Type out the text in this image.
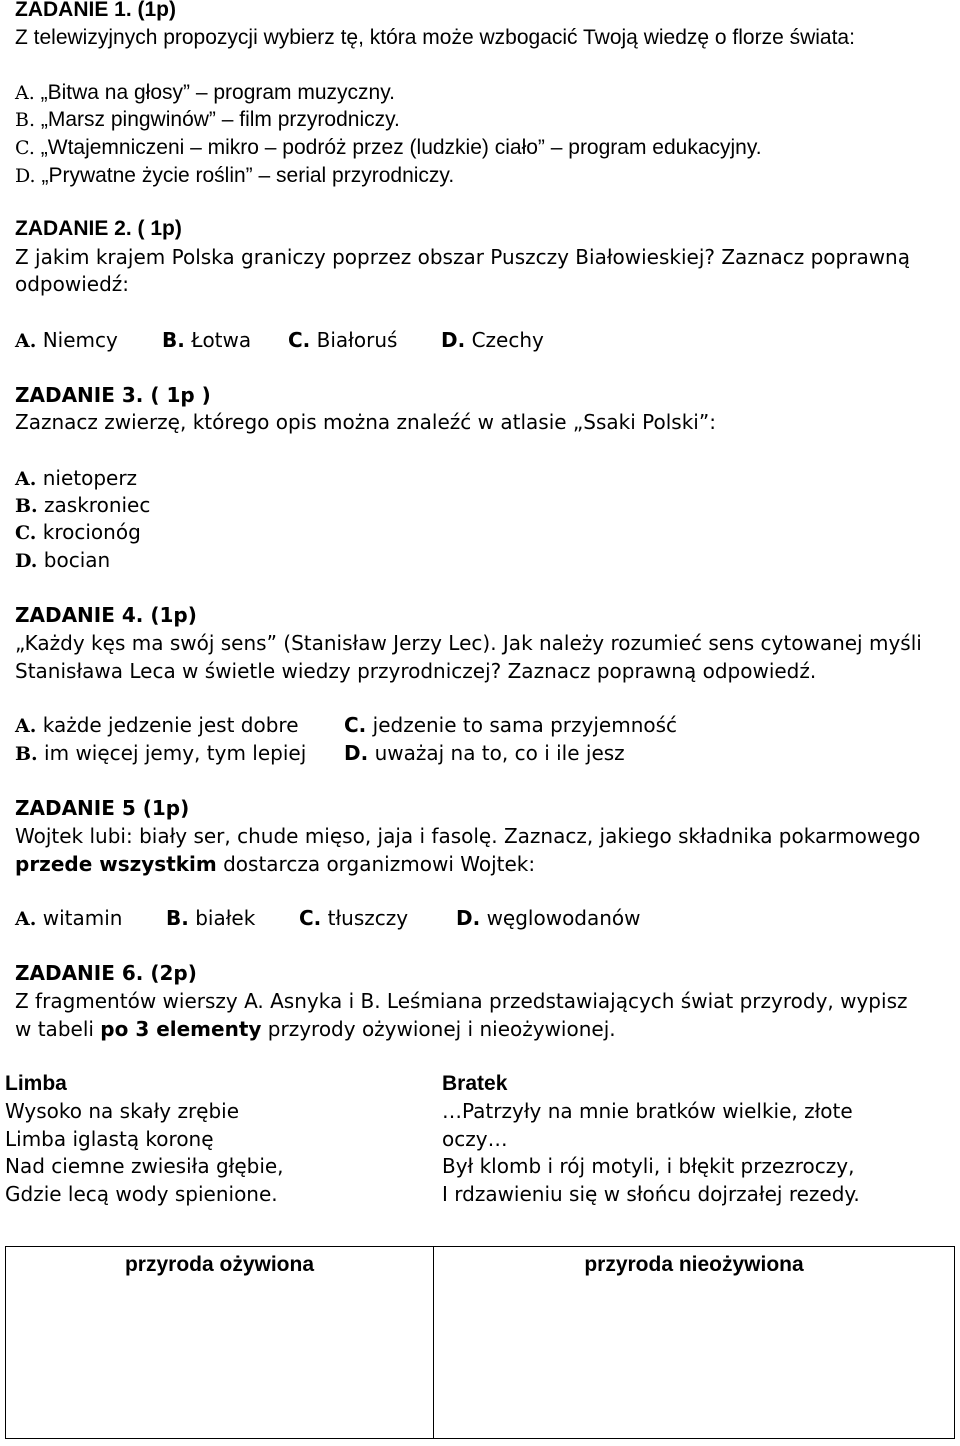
ZADANIE 1. (1p)
Z telewizyjnych propozycji wybierz tę, która może wzbogacić Twoją wiedzę o florze świata:
A. „Bitwa na głosy” – program muzyczny.
B. „Marsz pingwinów” – film przyrodniczy.
C. „Wtajemniczeni – mikro – podróż przez (ludzkie) ciało” – program edukacyjny.
D. „Prywatne życie roślin” – serial przyrodniczy.
ZADANIE 2. ( 1p)
Z jakim krajem Polska graniczy poprzez obszar Puszczy Białowieskiej? Zaznacz poprawną
odpowiedź:
A. Niemcy B. Łotwa C. Białoruś D. Czechy
ZADANIE 3. ( 1p )
Zaznacz zwierzę, którego opis można znaleźć w atlasie „Ssaki Polski”:
A. nietoperz
B. zaskroniec
C. krocionóg
D. bocian
ZADANIE 4. (1p)
„Każdy kęs ma swój sens” (Stanisław Jerzy Lec). Jak należy rozumieć sens cytowanej myśli
Stanisława Leca w świetle wiedzy przyrodniczej? Zaznacz poprawną odpowiedź.
A. każde jedzenie jest dobre
B. im więcej jemy, tym lepiej
C. jedzenie to sama przyjemność
D. uważaj na to, co i ile jesz
ZADANIE 5 (1p)
Wojtek lubi: biały ser, chude mięso, jaja i fasolę. Zaznacz, jakiego składnika pokarmowego
przede wszystkim dostarcza organizmowi Wojtek:
A. witamin B. białek C. tłuszczy D. węglowodanów
ZADANIE 6. (2p)
Z fragmentów wierszy A. Asnyka i B. Leśmiana przedstawiających świat przyrody, wypisz
w tabeli po 3 elementy przyrody ożywionej i nieożywionej.
Limba
Wysoko na skały zrębie
Limba iglastą koronę
Nad ciemne zwiesiła głębie,
Gdzie lecą wody spienione.
Bratek
…Patrzyły na mnie bratków wielkie, złote
oczy…
Był klomb i rój motyli, i błękit przezroczy,
I rdzawieniu się w słońcu dojrzałej rezedy.
przyroda ożywiona	przyroda nieożywiona
